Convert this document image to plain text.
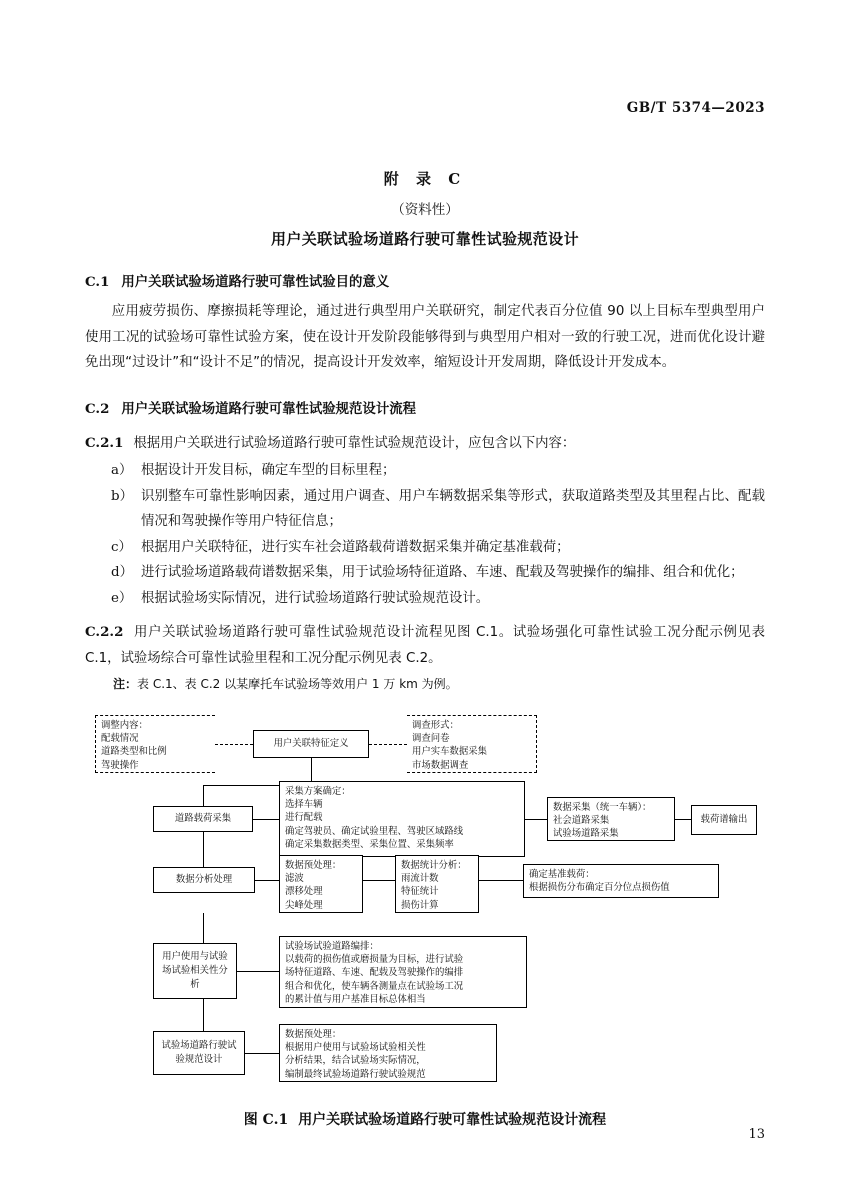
GB/T 5374—2023
附 录 C
（资料性）
用户关联试验场道路行驶可靠性试验规范设计
C.1 用户关联试验场道路行驶可靠性试验目的意义
应用疲劳损伤、摩擦损耗等理论，通过进行典型用户关联研究，制定代表百分位值 90 以上目标车型典型用户使用工况的试验场可靠性试验方案，使在设计开发阶段能够得到与典型用户相对一致的行驶工况，进而优化设计避免出现“过设计”和“设计不足”的情况，提高设计开发效率，缩短设计开发周期，降低设计开发成本。
C.2 用户关联试验场道路行驶可靠性试验规范设计流程
C.2.1 根据用户关联进行试验场道路行驶可靠性试验规范设计，应包含以下内容：
a） 根据设计开发目标，确定车型的目标里程；
b） 识别整车可靠性影响因素，通过用户调查、用户车辆数据采集等形式，获取道路类型及其里程占比、配载情况和驾驶操作等用户特征信息；
c） 根据用户关联特征，进行实车社会道路载荷谱数据采集并确定基准载荷；
d） 进行试验场道路载荷谱数据采集，用于试验场特征道路、车速、配载及驾驶操作的编排、组合和优化；
e） 根据试验场实际情况，进行试验场道路行驶试验规范设计。
C.2.2 用户关联试验场道路行驶可靠性试验规范设计流程见图 C.1。试验场强化可靠性试验工况分配示例见表 C.1，试验场综合可靠性试验里程和工况分配示例见表 C.2。
注：表 C.1、表 C.2 以某摩托车试验场等效用户 1 万 km 为例。
调整内容：
配载情况
道路类型和比例
驾驶操作
用户关联特征定义
调查形式：
调查问卷
用户实车数据采集
市场数据调查
道路载荷采集
采集方案确定：
选择车辆
进行配载
确定驾驶员、确定试验里程、驾驶区域路线
确定采集数据类型、采集位置、采集频率
数据采集（统一车辆）：
社会道路采集
试验场道路采集
载荷谱输出
数据分析处理
数据预处理：
滤波
漂移处理
尖峰处理
数据统计分析：
雨流计数
特征统计
损伤计算
确定基准载荷：
根据损伤分布确定百分位点损伤值
用户使用与试验场试验相关性分析
试验场试验道路编排：
以载荷的损伤值或磨损量为目标，进行试验
场特征道路、车速、配载及驾驶操作的编排
组合和优化，使车辆各测量点在试验场工况
的累计值与用户基准目标总体相当
试验场道路行驶试验规范设计
数据预处理：
根据用户使用与试验场试验相关性
分析结果，结合试验场实际情况，
编制最终试验场道路行驶试验规范
图 C.1 用户关联试验场道路行驶可靠性试验规范设计流程
13
